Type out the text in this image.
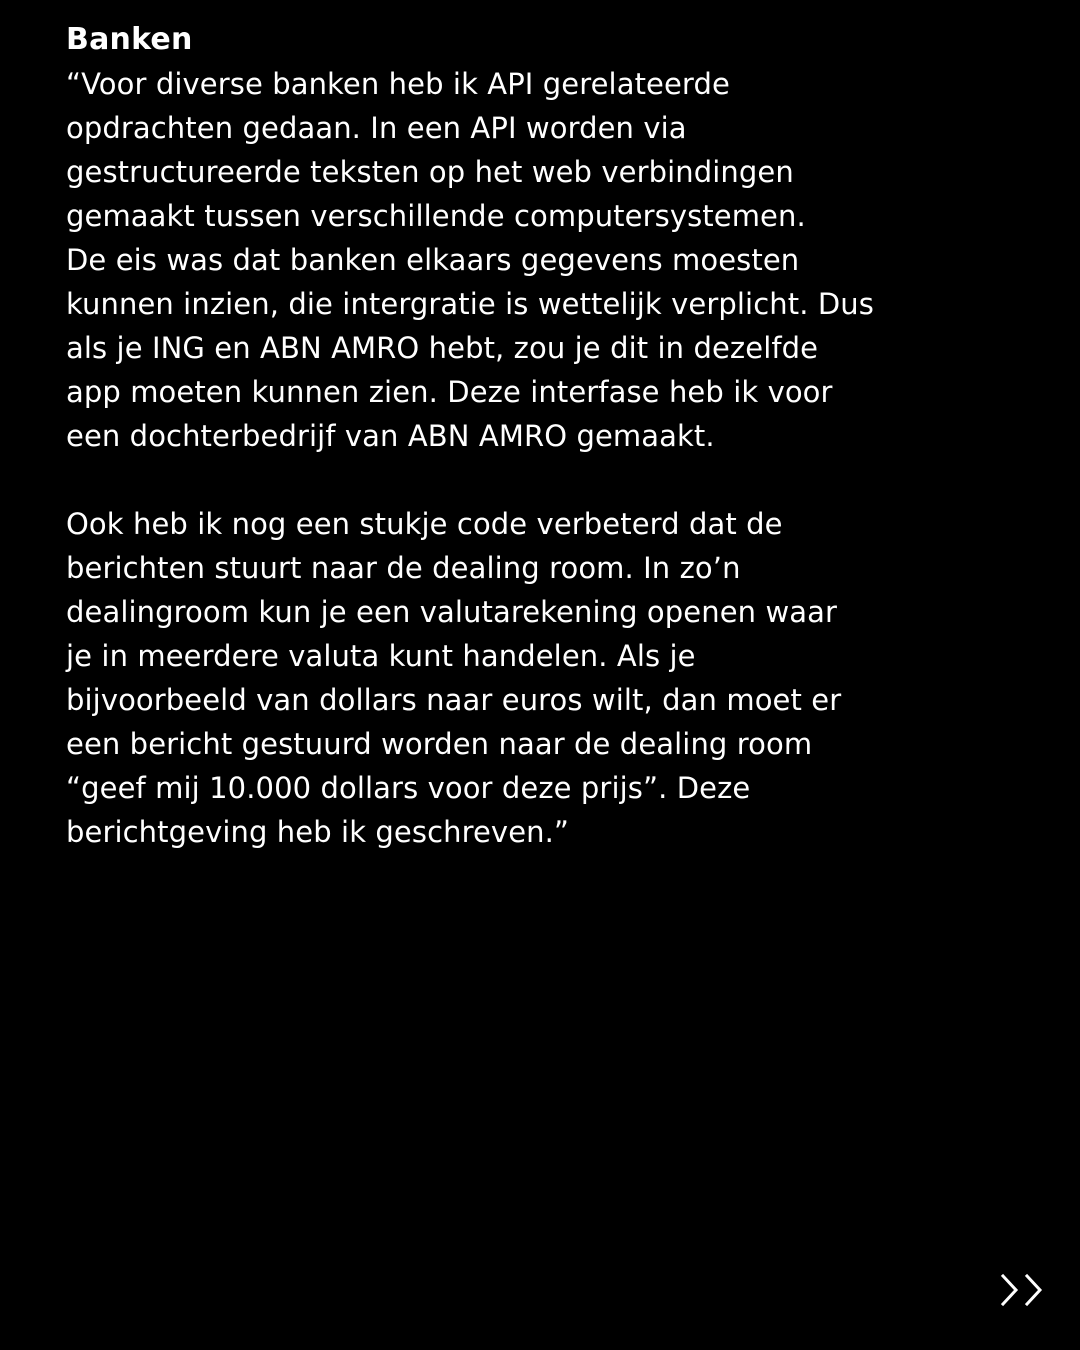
Banken
“Voor diverse banken heb ik API gerelateerde
opdrachten gedaan. In een API worden via
gestructureerde teksten op het web verbindingen
gemaakt tussen verschillende computersystemen.
De eis was dat banken elkaars gegevens moesten
kunnen inzien, die intergratie is wettelijk verplicht. Dus
als je ING en ABN AMRO hebt, zou je dit in dezelfde
app moeten kunnen zien. Deze interfase heb ik voor
een dochterbedrijf van ABN AMRO gemaakt.
Ook heb ik nog een stukje code verbeterd dat de
berichten stuurt naar de dealing room. In zo’n
dealingroom kun je een valutarekening openen waar
je in meerdere valuta kunt handelen. Als je
bijvoorbeeld van dollars naar euros wilt, dan moet er
een bericht gestuurd worden naar de dealing room
“geef mij 10.000 dollars voor deze prijs”. Deze
berichtgeving heb ik geschreven.”
